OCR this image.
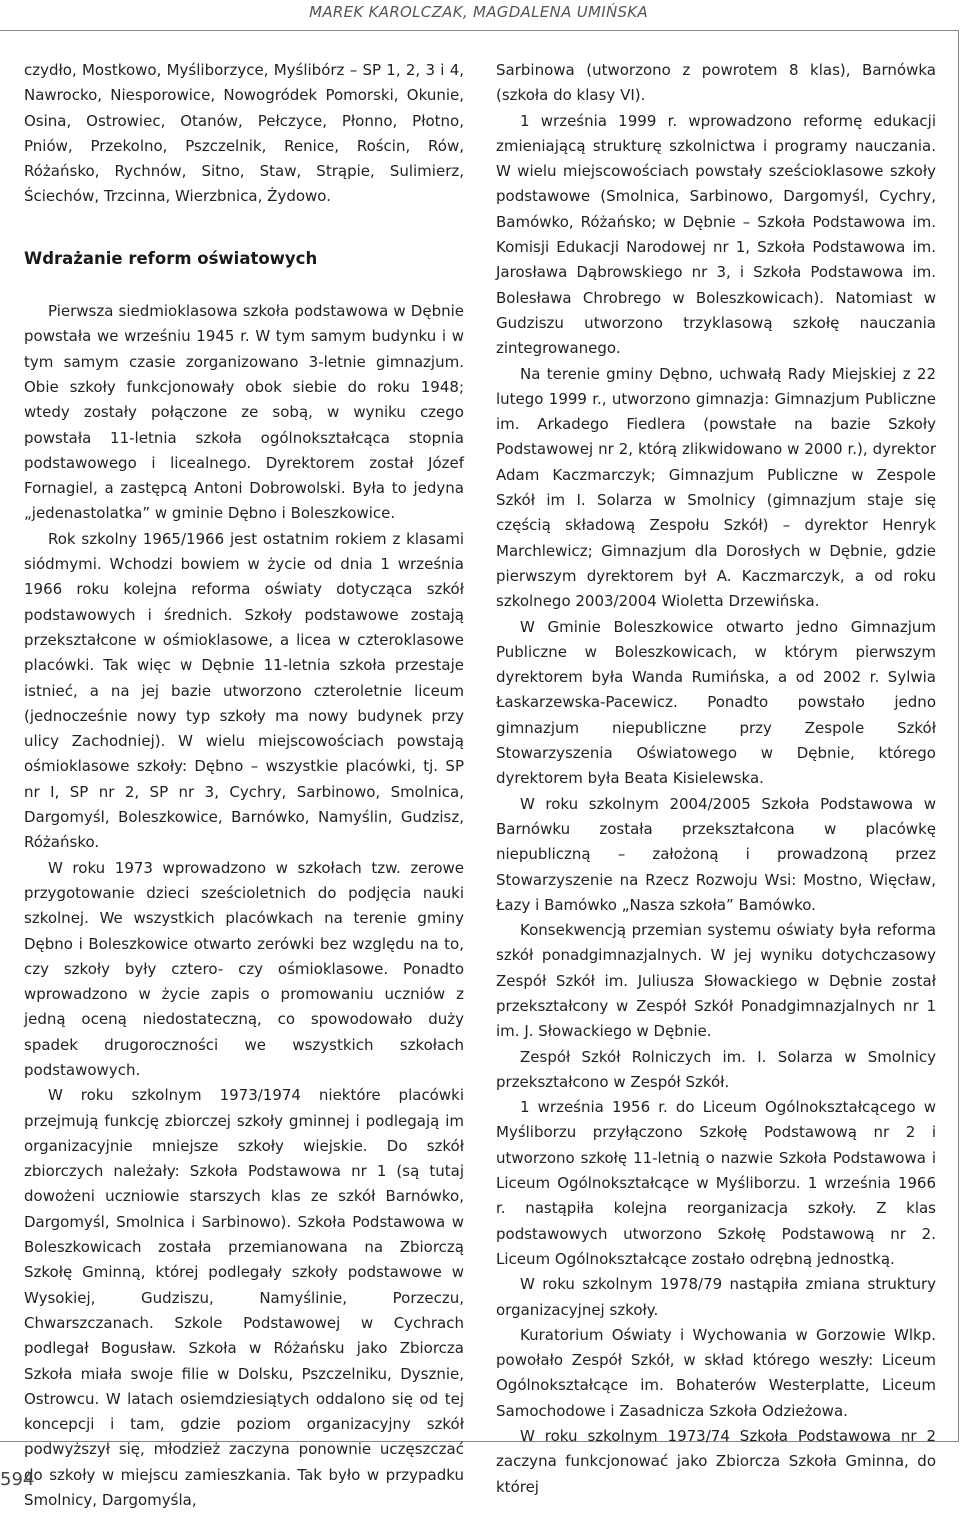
MAREK KAROLCZAK, MAGDALENA UMIŃSKA

czydło, Mostkowo, Myśliborzyce, Myślibórz – SP 1, 2, 3 i 4, Nawrocko, Niesporowice, Nowogródek Pomorski, Okunie, Osina, Ostrowiec, Otanów, Pełczyce, Płonno, Płotno, Pniów, Przekolno, Pszczelnik, Renice, Rościn, Rów, Różańsko, Rychnów, Sitno, Staw, Strąpie, Sulimierz, Ściechów, Trzcinna, Wierzbnica, Żydowo.

Wdrażanie reform oświatowych

Pierwsza siedmioklasowa szkoła podstawowa w Dębnie powstała we wrześniu 1945 r. W tym samym budynku i w tym samym czasie zorganizowano 3-letnie gimnazjum. Obie szkoły funkcjonowały obok siebie do roku 1948; wtedy zostały połączone ze sobą, w wyniku czego powstała 11-letnia szkoła ogólnokształcąca stopnia podstawowego i licealnego. Dyrektorem został Józef Fornagiel, a zastępcą Antoni Dobrowolski. Była to jedyna „jedenastolatka” w gminie Dębno i Boleszkowice.

Rok szkolny 1965/1966 jest ostatnim rokiem z klasami siódmymi. Wchodzi bowiem w życie od dnia 1 września 1966 roku kolejna reforma oświaty dotycząca szkół podstawowych i średnich. Szkoły podstawowe zostają przekształcone w ośmioklasowe, a licea w czteroklasowe placówki. Tak więc w Dębnie 11-letnia szkoła przestaje istnieć, a na jej bazie utworzono czteroletnie liceum (jednocześnie nowy typ szkoły ma nowy budynek przy ulicy Zachodniej). W wielu miejscowościach powstają ośmioklasowe szkoły: Dębno – wszystkie placówki, tj. SP nr I, SP nr 2, SP nr 3, Cychry, Sarbinowo, Smolnica, Dargomyśl, Boleszkowice, Barnówko, Namyślin, Gudzisz, Różańsko.

W roku 1973 wprowadzono w szkołach tzw. zerowe przygotowanie dzieci sześcioletnich do podjęcia nauki szkolnej. We wszystkich placówkach na terenie gminy Dębno i Boleszkowice otwarto zerówki bez względu na to, czy szkoły były cztero- czy ośmioklasowe. Ponadto wprowadzono w życie zapis o promowaniu uczniów z jedną oceną niedostateczną, co spowodowało duży spadek drugoroczności we wszystkich szkołach podstawowych.

W roku szkolnym 1973/1974 niektóre placówki przejmują funkcję zbiorczej szkoły gminnej i podlegają im organizacyjnie mniejsze szkoły wiejskie. Do szkół zbiorczych należały: Szkoła Podstawowa nr 1 (są tutaj dowożeni uczniowie starszych klas ze szkół Barnówko, Dargomyśl, Smolnica i Sarbinowo). Szkoła Podstawowa w Boleszkowicach została przemianowana na Zbiorczą Szkołę Gminną, której podlegały szkoły podstawowe w Wysokiej, Gudziszu, Namyślinie, Porzeczu, Chwarszczanach. Szkole Podstawowej w Cychrach podlegał Bogusław. Szkoła w Różańsku jako Zbiorcza Szkoła miała swoje filie w Dolsku, Pszczelniku, Dysznie, Ostrowcu. W latach osiemdziesiątych oddalono się od tej koncepcji i tam, gdzie poziom organizacyjny szkół podwyższył się, młodzież zaczyna ponownie uczęszczać do szkoły w miejscu zamieszkania. Tak było w przypadku Smolnicy, Dargomyśla,

Sarbinowa (utworzono z powrotem 8 klas), Barnówka (szkoła do klasy VI).

1 września 1999 r. wprowadzono reformę edukacji zmieniającą strukturę szkolnictwa i programy nauczania. W wielu miejscowościach powstały sześcioklasowe szkoły podstawowe (Smolnica, Sarbinowo, Dargomyśl, Cychry, Bamówko, Różańsko; w Dębnie – Szkoła Podstawowa im. Komisji Edukacji Narodowej nr 1, Szkoła Podstawowa im. Jarosława Dąbrowskiego nr 3, i Szkoła Podstawowa im. Bolesława Chrobrego w Boleszkowicach). Natomiast w Gudziszu utworzono trzyklasową szkołę nauczania zintegrowanego.

Na terenie gminy Dębno, uchwałą Rady Miejskiej z 22 lutego 1999 r., utworzono gimnazja: Gimnazjum Publiczne im. Arkadego Fiedlera (powstałe na bazie Szkoły Podstawowej nr 2, którą zlikwidowano w 2000 r.), dyrektor Adam Kaczmarczyk; Gimnazjum Publiczne w Zespole Szkół im I. Solarza w Smolnicy (gimnazjum staje się częścią składową Zespołu Szkół) – dyrektor Henryk Marchlewicz; Gimnazjum dla Dorosłych w Dębnie, gdzie pierwszym dyrektorem był A. Kaczmarczyk, a od roku szkolnego 2003/2004 Wioletta Drzewińska.

W Gminie Boleszkowice otwarto jedno Gimnazjum Publiczne w Boleszkowicach, w którym pierwszym dyrektorem była Wanda Rumińska, a od 2002 r. Sylwia Łaskarzewska-Pacewicz. Ponadto powstało jedno gimnazjum niepubliczne przy Zespole Szkół Stowarzyszenia Oświatowego w Dębnie, którego dyrektorem była Beata Kisielewska.

W roku szkolnym 2004/2005 Szkoła Podstawowa w Barnówku została przekształcona w placówkę niepubliczną – założoną i prowadzoną przez Stowarzyszenie na Rzecz Rozwoju Wsi: Mostno, Więcław, Łazy i Bamówko „Nasza szkoła” Bamówko.

Konsekwencją przemian systemu oświaty była reforma szkół ponadgimnazjalnych. W jej wyniku dotychczasowy Zespół Szkół im. Juliusza Słowackiego w Dębnie został przekształcony w Zespół Szkół Ponadgimnazjalnych nr 1 im. J. Słowackiego w Dębnie.

Zespół Szkół Rolniczych im. I. Solarza w Smolnicy przekształcono w Zespół Szkół.

1 września 1956 r. do Liceum Ogólnokształcącego w Myśliborzu przyłączono Szkołę Podstawową nr 2 i utworzono szkołę 11-letnią o nazwie Szkoła Podstawowa i Liceum Ogólnokształcące w Myśliborzu. 1 września 1966 r. nastąpiła kolejna reorganizacja szkoły. Z klas podstawowych utworzono Szkołę Podstawową nr 2. Liceum Ogólnokształcące zostało odrębną jednostką.

W roku szkolnym 1978/79 nastąpiła zmiana struktury organizacyjnej szkoły.

Kuratorium Oświaty i Wychowania w Gorzowie Wlkp. powołało Zespół Szkół, w skład którego weszły: Liceum Ogólnokształcące im. Bohaterów Westerplatte, Liceum Samochodowe i Zasadnicza Szkoła Odzieżowa.

W roku szkolnym 1973/74 Szkoła Podstawowa nr 2 zaczyna funkcjonować jako Zbiorcza Szkoła Gminna, do której

594
